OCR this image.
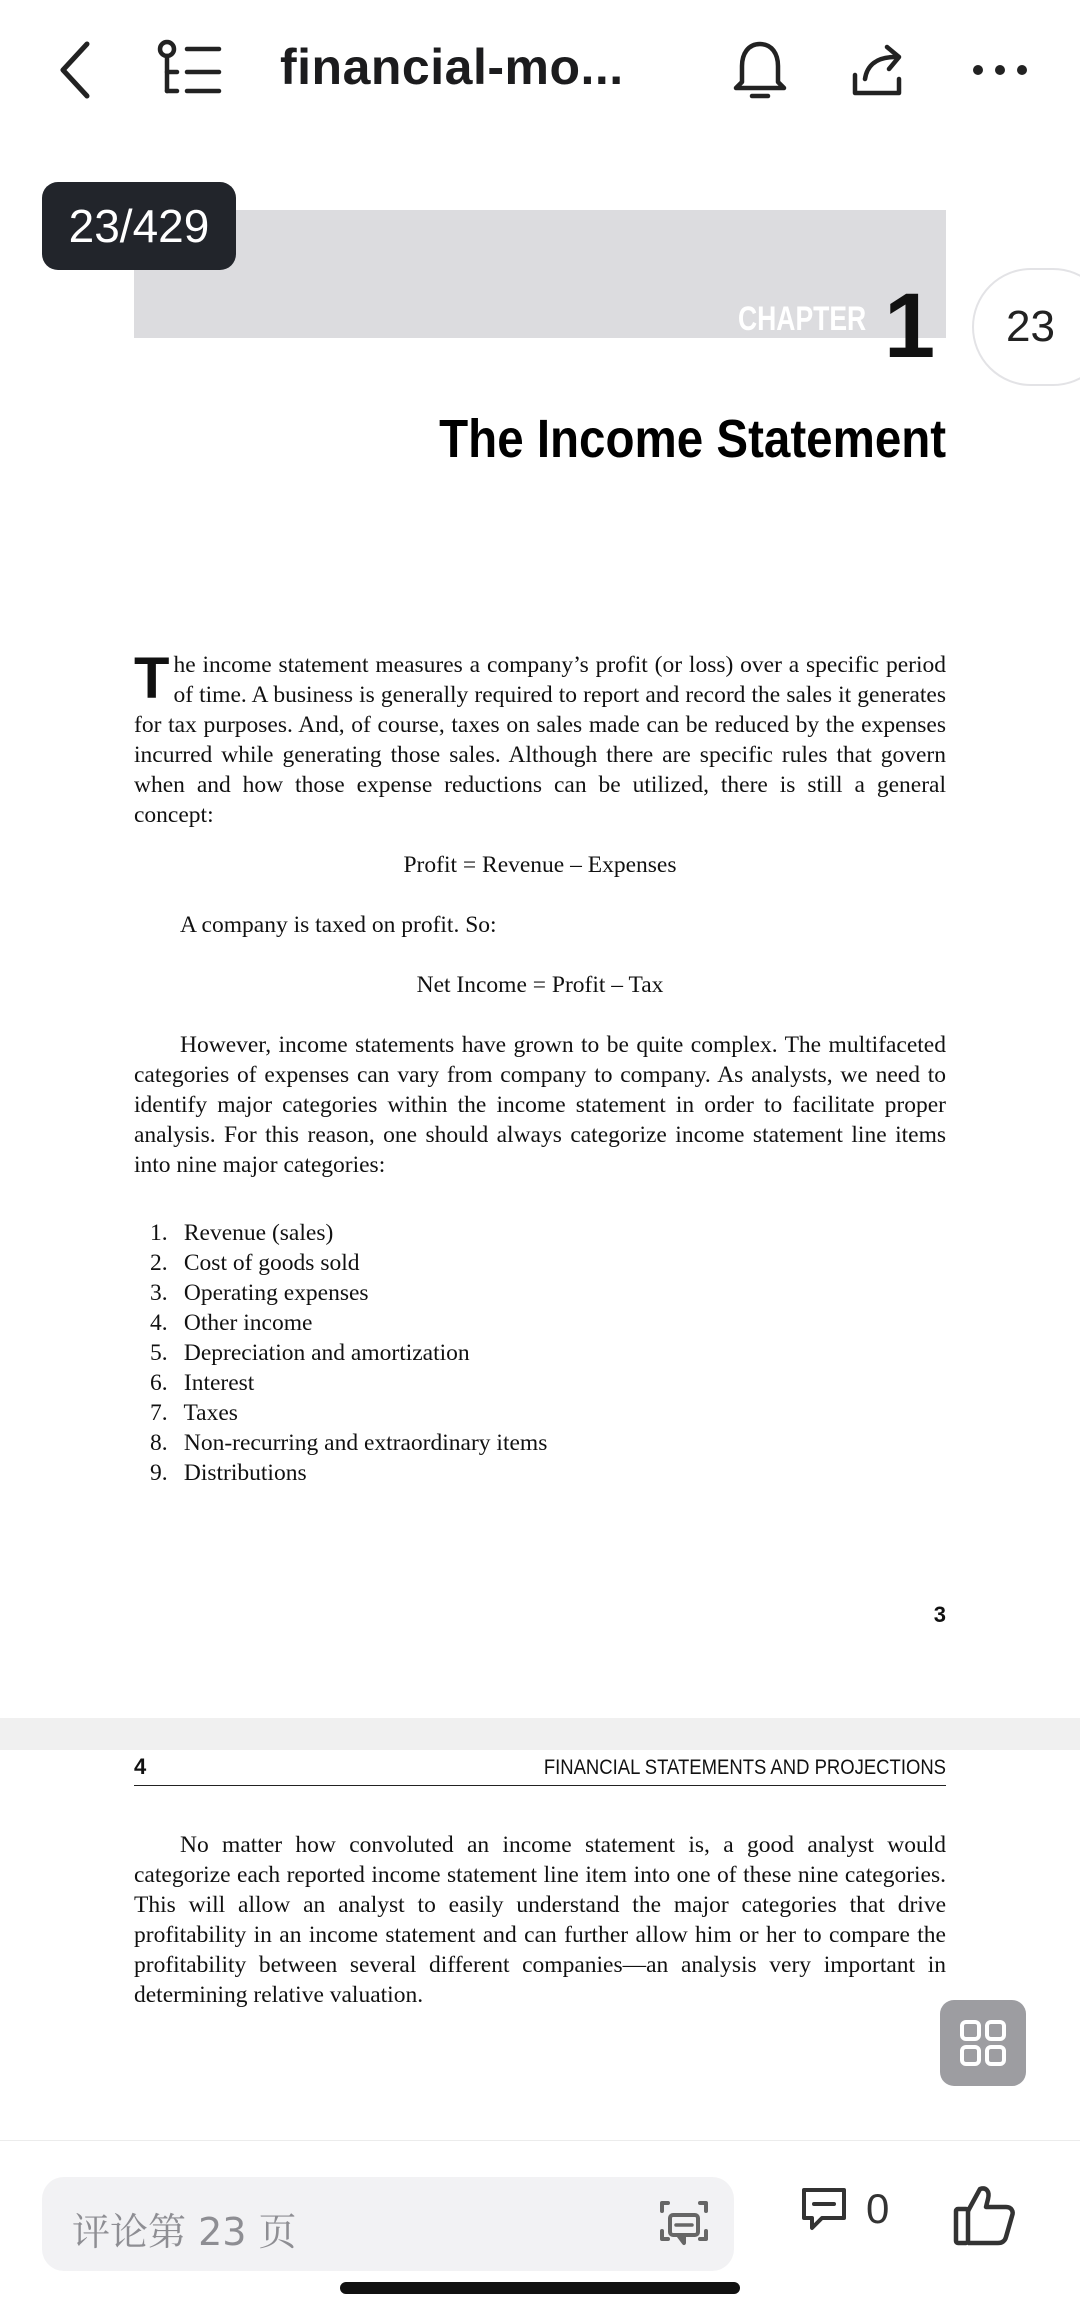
financial-mo...
CHAPTER 1
The Income Statement
The income statement measures a company’s profit (or loss) over a specific period of time. A business is generally required to report and record the sales it generates for tax purposes. And, of course, taxes on sales made can be reduced by the expenses incurred while generating those sales. Although there are specific rules that govern when and how those expense reductions can be utilized, there is still a general concept:
Profit = Revenue – Expenses
A company is taxed on profit. So:
Net Income = Profit – Tax
However, income statements have grown to be quite complex. The multifaceted categories of expenses can vary from company to company. As analysts, we need to identify major categories within the income statement in order to facilitate proper analysis. For this reason, one should always categorize income statement line items into nine major categories:
1. Revenue (sales)
2. Cost of goods sold
3. Operating expenses
4. Other income
5. Depreciation and amortization
6. Interest
7. Taxes
8. Non-recurring and extraordinary items
9. Distributions
3
4	FINANCIAL STATEMENTS AND PROJECTIONS
No matter how convoluted an income statement is, a good analyst would categorize each reported income statement line item into one of these nine categories. This will allow an analyst to easily understand the major categories that drive profitability in an income statement and can further allow him or her to compare the profitability between several different companies—an analysis very important in determining relative valuation.
23/429
23
评论第 23 页	0
